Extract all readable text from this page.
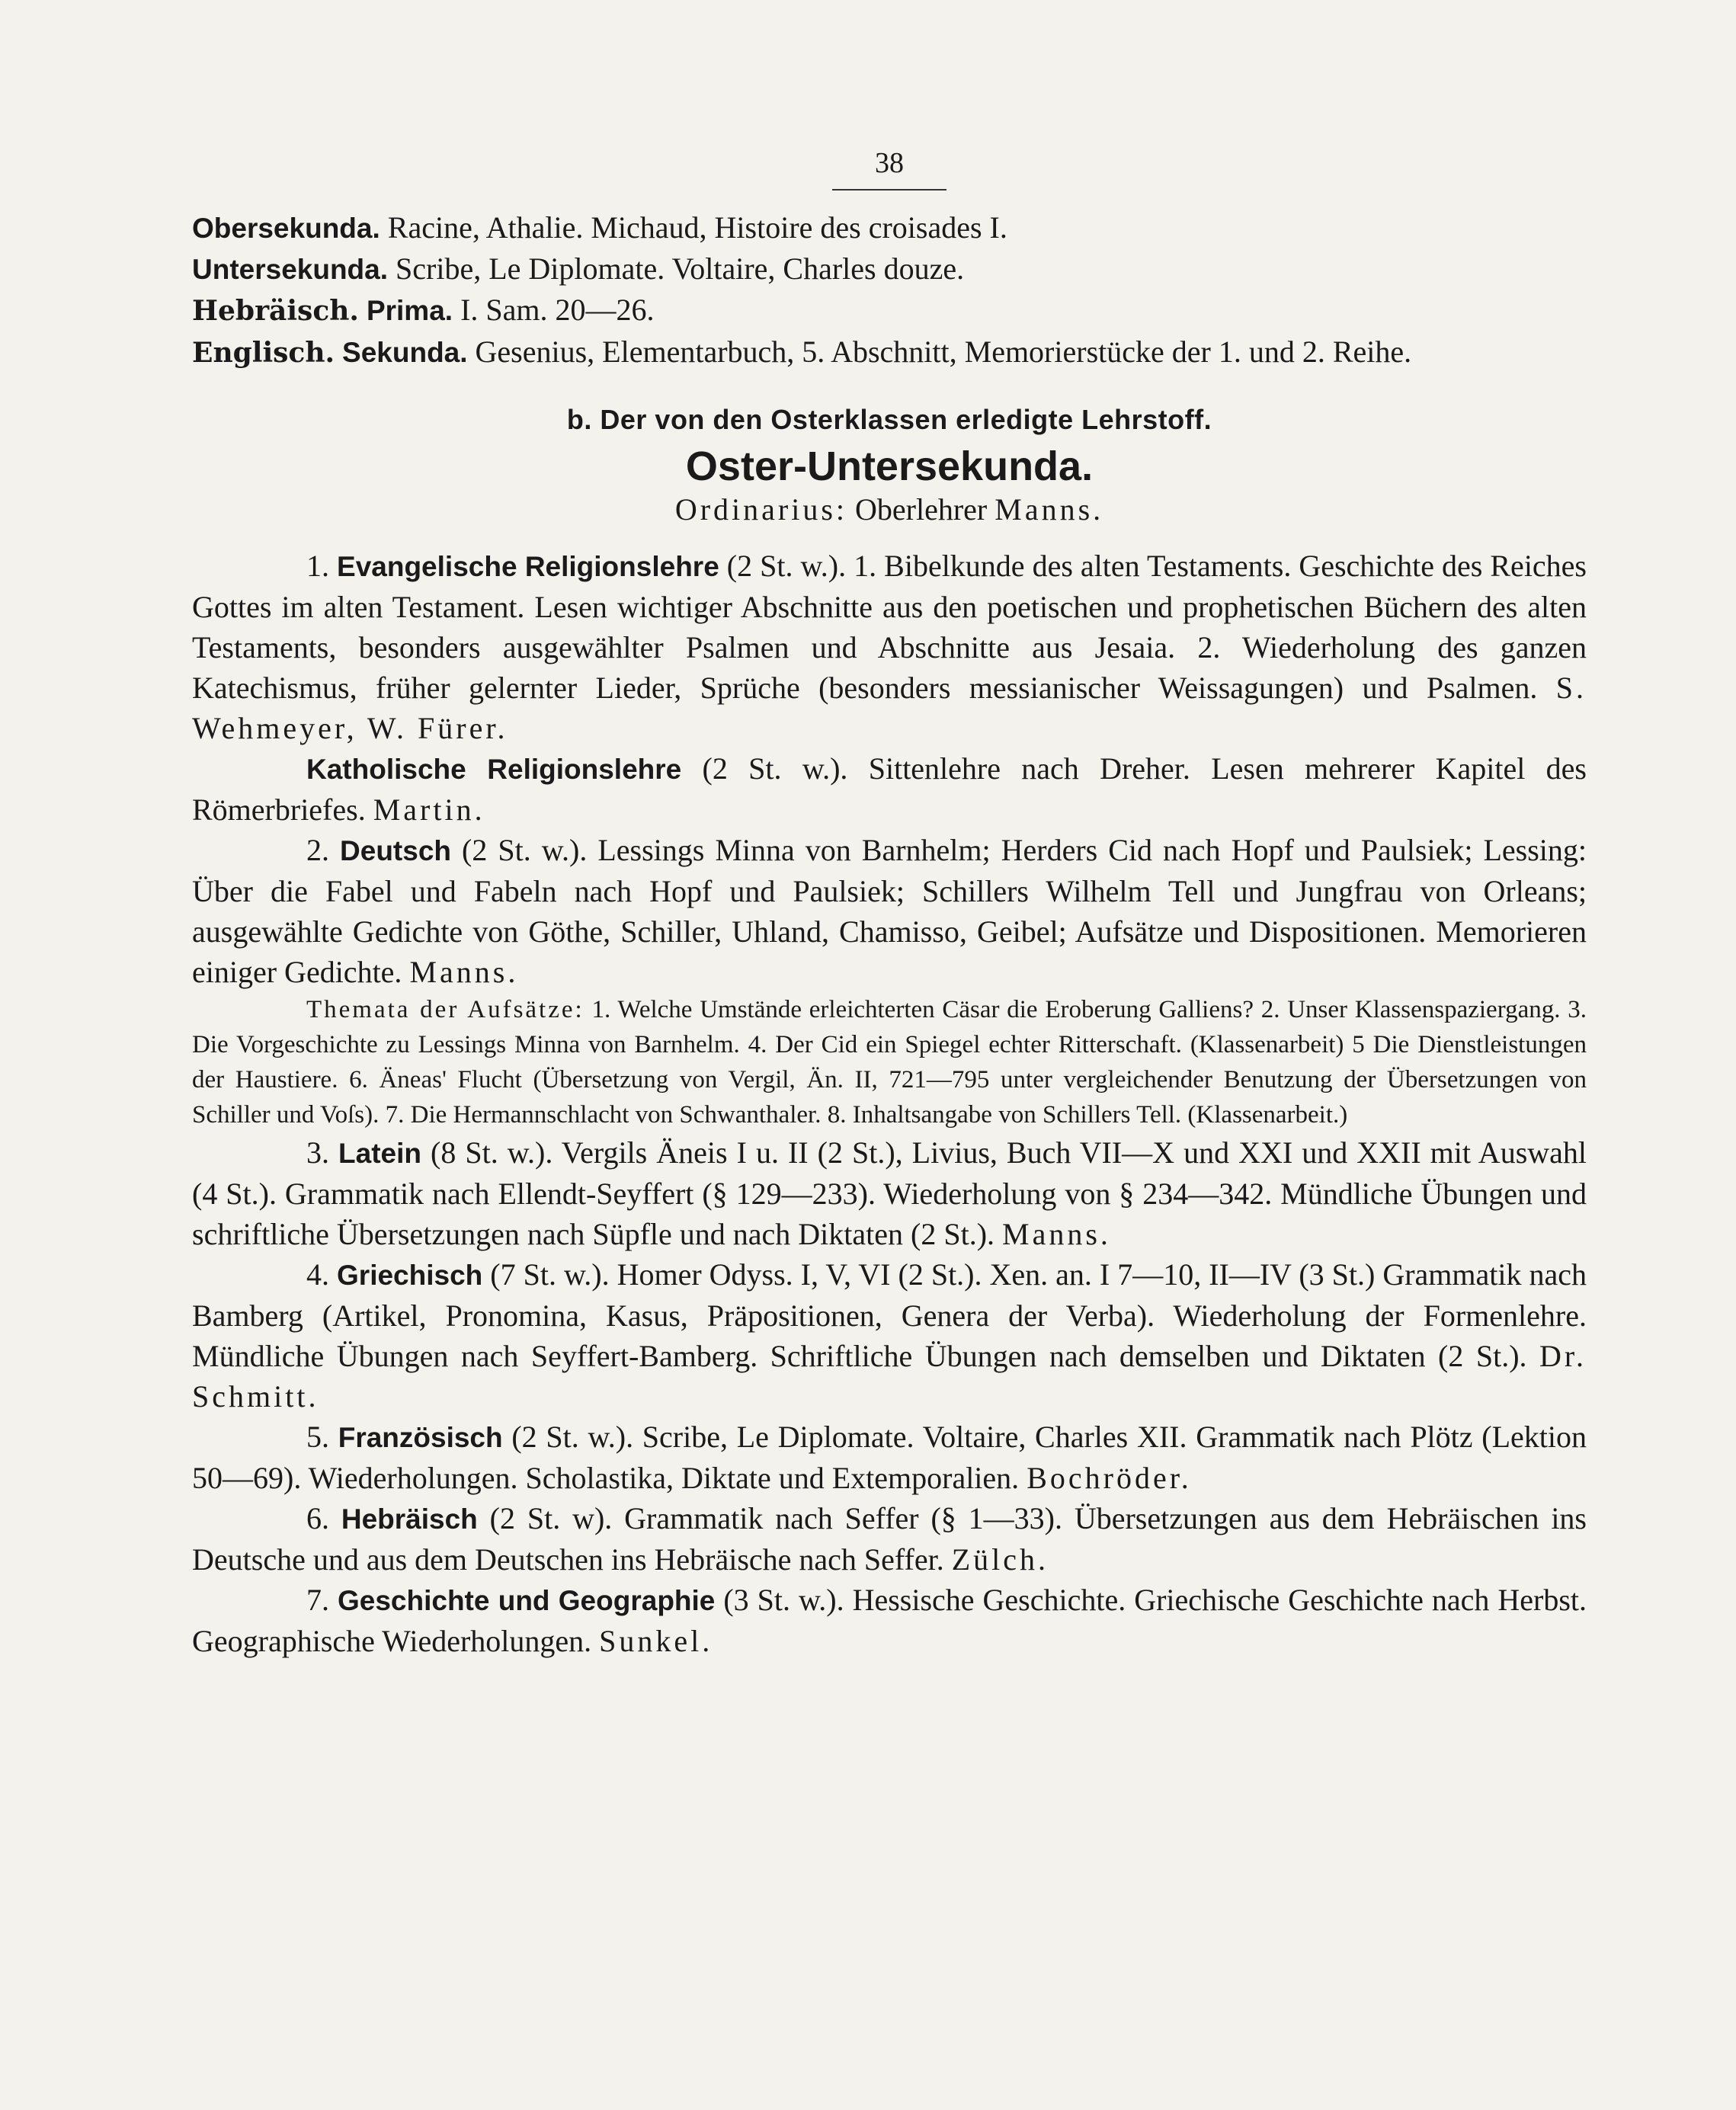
38
Obersekunda. Racine, Athalie. Michaud, Histoire des croisades I.
Untersekunda. Scribe, Le Diplomate. Voltaire, Charles douze.
Hebräisch. Prima. I. Sam. 20—26.
Englisch. Sekunda. Gesenius, Elementarbuch, 5. Abschnitt, Memorierstücke der 1. und 2. Reihe.
b. Der von den Osterklassen erledigte Lehrstoff.
Oster-Untersekunda.
Ordinarius: Oberlehrer Manns.

1. Evangelische Religionslehre (2 St. w.). 1. Bibelkunde des alten Testaments. Geschichte des Reiches Gottes im alten Testament. Lesen wichtiger Abschnitte aus den poetischen und prophetischen Büchern des alten Testaments, besonders ausgewählter Psalmen und Abschnitte aus Jesaia. 2. Wiederholung des ganzen Katechismus, früher gelernter Lieder, Sprüche (besonders messianischer Weissagungen) und Psalmen. S. Wehmeyer, W. Fürer.

Katholische Religionslehre (2 St. w.). Sittenlehre nach Dreher. Lesen mehrerer Kapitel des Römerbriefes. Martin.

2. Deutsch (2 St. w.). Lessings Minna von Barnhelm; Herders Cid nach Hopf und Paulsiek; Lessing: Über die Fabel und Fabeln nach Hopf und Paulsiek; Schillers Wilhelm Tell und Jungfrau von Orleans; ausgewählte Gedichte von Göthe, Schiller, Uhland, Chamisso, Geibel; Aufsätze und Dispositionen. Memorieren einiger Gedichte. Manns.

Themata der Aufsätze: 1. Welche Umstände erleichterten Cäsar die Eroberung Galliens? 2. Unser Klassenspaziergang. 3. Die Vorgeschichte zu Lessings Minna von Barnhelm. 4. Der Cid ein Spiegel echter Ritterschaft. (Klassenarbeit) 5 Die Dienstleistungen der Haustiere. 6. Äneas' Flucht (Übersetzung von Vergil, Än. II, 721—795 unter vergleichender Benutzung der Übersetzungen von Schiller und Voſs). 7. Die Hermannschlacht von Schwanthaler. 8. Inhaltsangabe von Schillers Tell. (Klassenarbeit.)

3. Latein (8 St. w.). Vergils Äneis I u. II (2 St.), Livius, Buch VII—X und XXI und XXII mit Auswahl (4 St.). Grammatik nach Ellendt-Seyffert (§ 129—233). Wiederholung von § 234—342. Mündliche Übungen und schriftliche Übersetzungen nach Süpfle und nach Diktaten (2 St.). Manns.

4. Griechisch (7 St. w.). Homer Odyss. I, V, VI (2 St.). Xen. an. I 7—10, II—IV (3 St.) Grammatik nach Bamberg (Artikel, Pronomina, Kasus, Präpositionen, Genera der Verba). Wiederholung der Formenlehre. Mündliche Übungen nach Seyffert-Bamberg. Schriftliche Übungen nach demselben und Diktaten (2 St.). Dr. Schmitt.

5. Französisch (2 St. w.). Scribe, Le Diplomate. Voltaire, Charles XII. Grammatik nach Plötz (Lektion 50—69). Wiederholungen. Scholastika, Diktate und Extemporalien. Bochröder.

6. Hebräisch (2 St. w). Grammatik nach Seffer (§ 1—33). Übersetzungen aus dem Hebräischen ins Deutsche und aus dem Deutschen ins Hebräische nach Seffer. Zülch.

7. Geschichte und Geographie (3 St. w.). Hessische Geschichte. Griechische Geschichte nach Herbst. Geographische Wiederholungen. Sunkel.
